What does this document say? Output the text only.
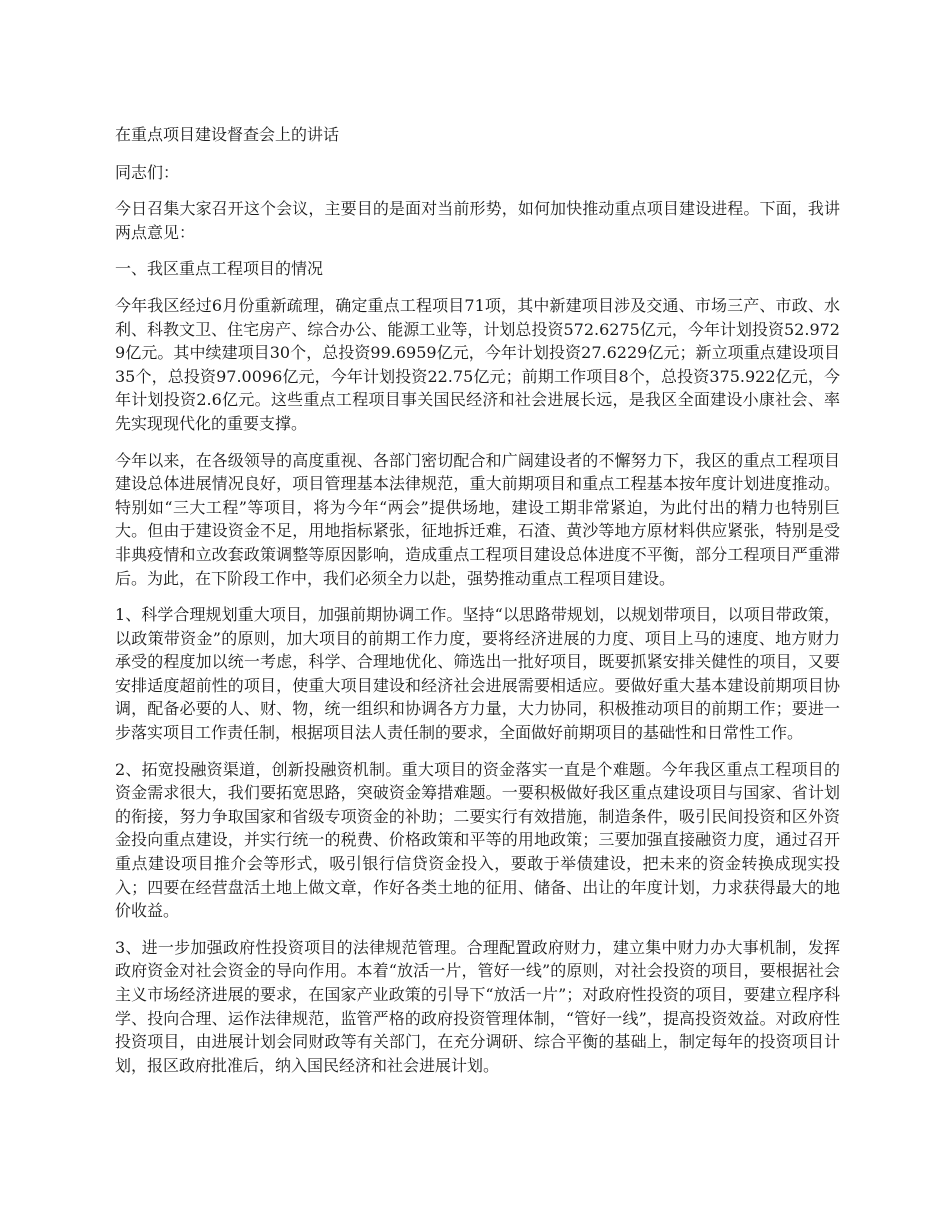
在重点项目建设督查会上的讲话

同志们：

今日召集大家召开这个会议，主要目的是面对当前形势，如何加快推动重点项目建设进程。下面，我讲两点意见：

一、我区重点工程项目的情况

今年我区经过6月份重新疏理，确定重点工程项目71项，其中新建项目涉及交通、市场三产、市政、水利、科教文卫、住宅房产、综合办公、能源工业等，计划总投资572.6275亿元，今年计划投资52.9729亿元。其中续建项目30个，总投资99.6959亿元，今年计划投资27.6229亿元；新立项重点建设项目35个，总投资97.0096亿元，今年计划投资22.75亿元；前期工作项目8个，总投资375.922亿元，今年计划投资2.6亿元。这些重点工程项目事关国民经济和社会进展长远，是我区全面建设小康社会、率先实现现代化的重要支撑。

今年以来，在各级领导的高度重视、各部门密切配合和广阔建设者的不懈努力下，我区的重点工程项目建设总体进展情况良好，项目管理基本法律规范，重大前期项目和重点工程基本按年度计划进度推动。特别如“三大工程”等项目，将为今年“两会”提供场地，建设工期非常紧迫，为此付出的精力也特别巨大。但由于建设资金不足，用地指标紧张，征地拆迁难，石渣、黄沙等地方原材料供应紧张，特别是受非典疫情和立改套政策调整等原因影响，造成重点工程项目建设总体进度不平衡，部分工程项目严重滞后。为此，在下阶段工作中，我们必须全力以赴，强势推动重点工程项目建设。

1、科学合理规划重大项目，加强前期协调工作。坚持“以思路带规划，以规划带项目，以项目带政策，以政策带资金”的原则，加大项目的前期工作力度，要将经济进展的力度、项目上马的速度、地方财力承受的程度加以统一考虑，科学、合理地优化、筛选出一批好项目，既要抓紧安排关健性的项目，又要安排适度超前性的项目，使重大项目建设和经济社会进展需要相适应。要做好重大基本建设前期项目协调，配备必要的人、财、物，统一组织和协调各方力量，大力协同，积极推动项目的前期工作；要进一步落实项目工作责任制，根据项目法人责任制的要求，全面做好前期项目的基础性和日常性工作。

2、拓宽投融资渠道，创新投融资机制。重大项目的资金落实一直是个难题。今年我区重点工程项目的资金需求很大，我们要拓宽思路，突破资金筹措难题。一要积极做好我区重点建设项目与国家、省计划的衔接，努力争取国家和省级专项资金的补助；二要实行有效措施，制造条件，吸引民间投资和区外资金投向重点建设，并实行统一的税费、价格政策和平等的用地政策；三要加强直接融资力度，通过召开重点建设项目推介会等形式，吸引银行信贷资金投入，要敢于举债建设，把未来的资金转换成现实投入；四要在经营盘活土地上做文章，作好各类土地的征用、储备、出让的年度计划，力求获得最大的地价收益。

3、进一步加强政府性投资项目的法律规范管理。合理配置政府财力，建立集中财力办大事机制，发挥政府资金对社会资金的导向作用。本着“放活一片，管好一线”的原则，对社会投资的项目，要根据社会主义市场经济进展的要求，在国家产业政策的引导下“放活一片”；对政府性投资的项目，要建立程序科学、投向合理、运作法律规范，监管严格的政府投资管理体制，“管好一线”，提高投资效益。对政府性投资项目，由进展计划会同财政等有关部门，在充分调研、综合平衡的基础上，制定每年的投资项目计划，报区政府批准后，纳入国民经济和社会进展计划。
